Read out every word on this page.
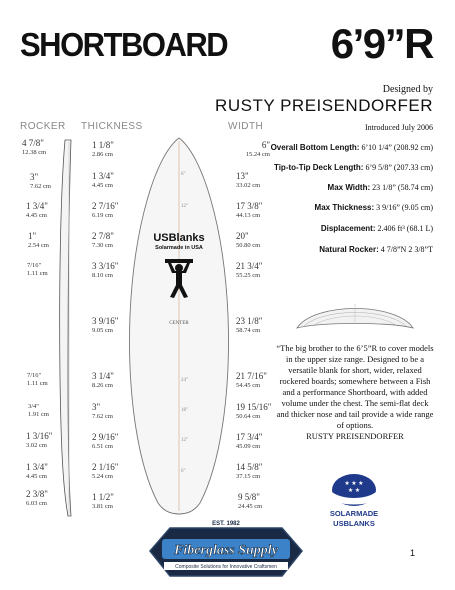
SHORTBOARD 6’9”R
Designed by
RUSTY PREISENDORFER
Introduced July 2006
ROCKER THICKNESS	WIDTH
4 7/8"
12.38 cm
3"
7.62 cm
1 3/4"
4.45 cm
1"
2.54 cm
7/16"
1.11 cm
7/16"
1.11 cm
3/4"
1.91 cm
1 3/16"
3.02 cm
1 3/4"
4.45 cm
2 3/8"
6.03 cm
1 1/8"
2.86 cm
1 3/4"
4.45 cm
2 7/16"
6.19 cm
2 7/8"
7.30 cm
3 3/16"
8.10 cm
3 9/16"
9.05 cm
3 1/4"
8.26 cm
3"
7.62 cm
2 9/16"
6.51 cm
2 1/16"
5.24 cm
1 1/2"
3.81 cm
6"
12"
CENTER
24"
18"
12"
6"
USBlanks
Solarmade in USA
6"
15.24 cm
13"
33.02 cm
17 3/8"
44.13 cm
20"
50.80 cm
21 3/4"
55.25 cm
23 1/8"
58.74 cm
21 7/16"
54.45 cm
19 15/16"
50.64 cm
17 3/4"
45.09 cm
14 5/8"
37.15 cm
9 5/8"
24.45 cm
Overall Bottom Length: 6’10 1/4” (208.92 cm)
Tip-to-Tip Deck Length: 6’9 5/8” (207.33 cm)
Max Width: 23 1/8” (58.74 cm)
Max Thickness: 3 9/16” (9.05 cm)
Displacement: 2.406 ft³ (68.1 L)
Natural Rocker: 4 7/8”N 2 3/8”T
“The big brother to the 6’5”R to cover models in the upper size range. Designed to be a versatile blank for short, wider, relaxed rockered boards; somewhere between a Fish and a performance Shortboard, with added volume under the chest. The semi-flat deck and thicker nose and tail provide a wide range of options.
RUSTY PREISENDORFER
★ ★ ★
★ ★
SOLARMADE
USBLANKS
EST. 1982
Fiberglass Supply
Composite Solutions for Innovative Craftsmen
1
